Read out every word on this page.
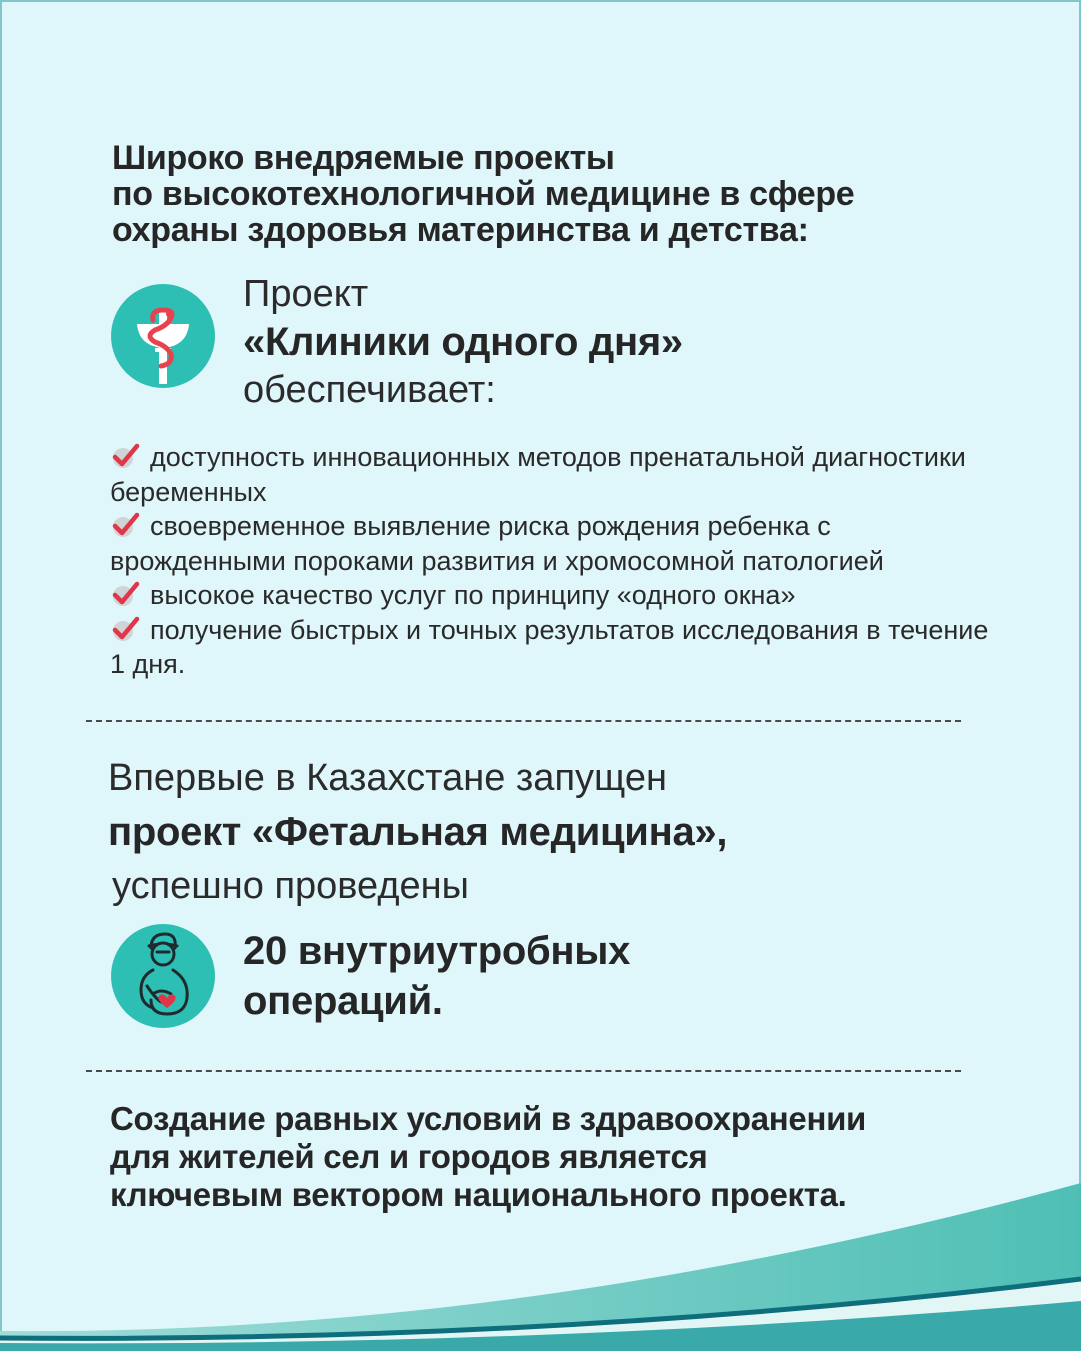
Широко внедряемые проекты
по высокотехнологичной медицине в сфере
охраны здоровья материнства и детства:
Проект
«Клиники одного дня»
обеспечивает:
доступность инновационных методов пренатальной диагностики беременных
своевременное выявление риска рождения ребенка с врожденными пороками развития и хромосомной патологией
высокое качество услуг по принципу «одного окна»
получение быстрых и точных результатов исследования в течение 1 дня.
Впервые в Казахстане запущен
проект «Фетальная медицина»,
успешно проведены
20 внутриутробных
операций.
Создание равных условий в здравоохранении
для жителей сел и городов является
ключевым вектором национального проекта.
